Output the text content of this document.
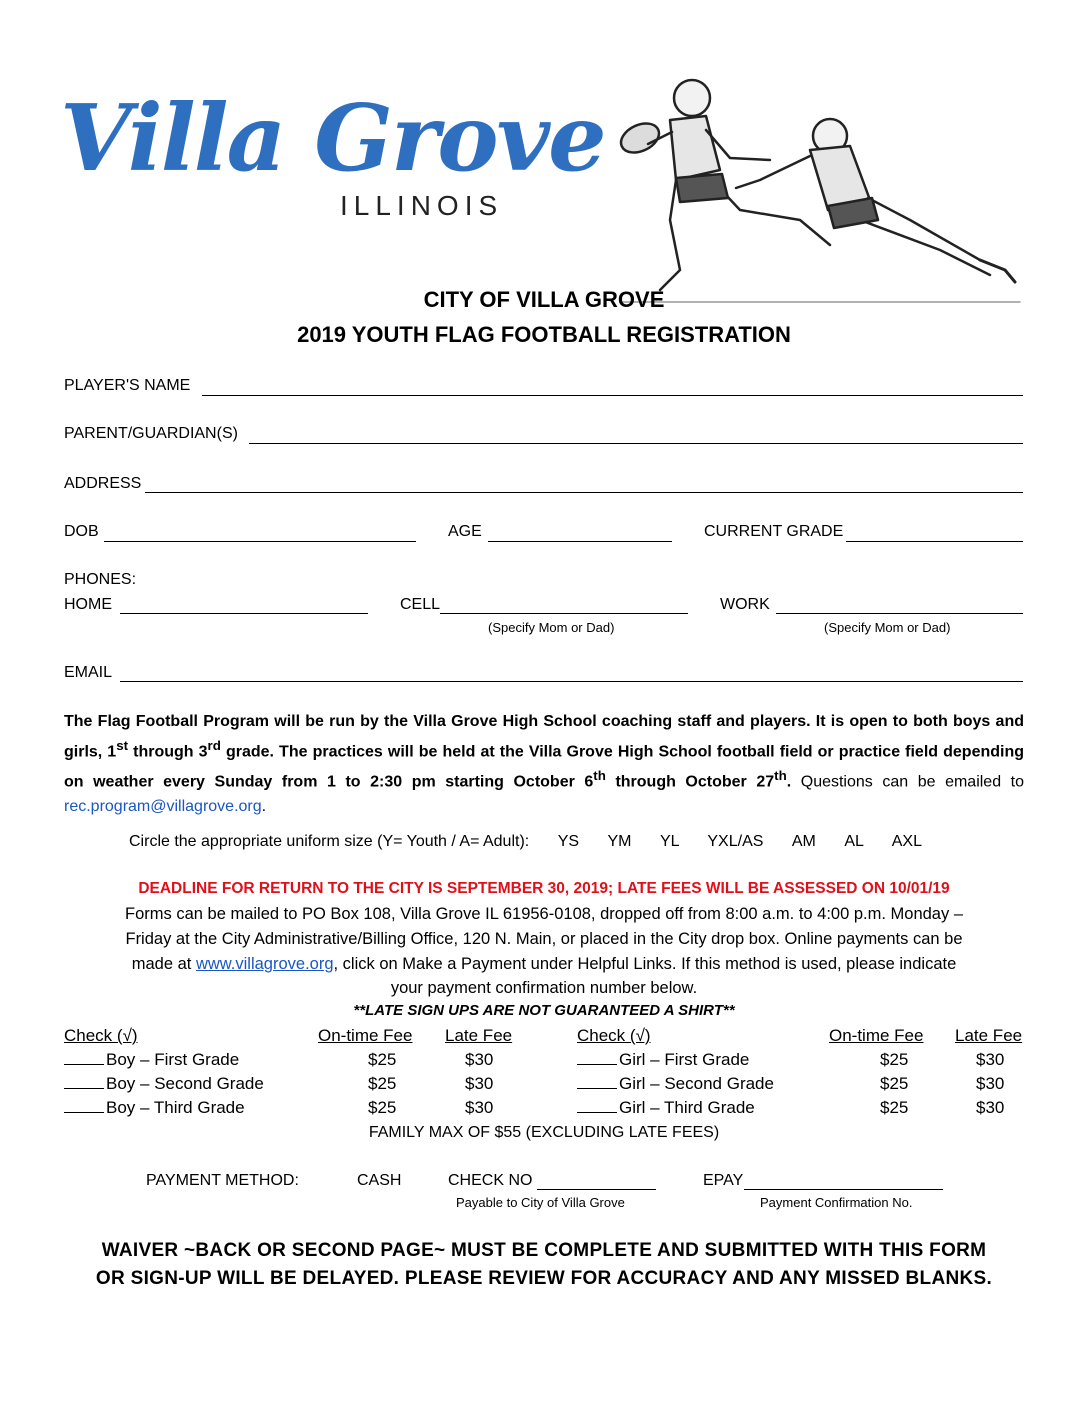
Villa Grove
ILLINOIS
CITY OF VILLA GROVE
2019 YOUTH FLAG FOOTBALL REGISTRATION
PLAYER'S NAME
PARENT/GUARDIAN(S)
ADDRESS
DOB	AGE	CURRENT GRADE
PHONES:
HOME	CELL	WORK
(Specify Mom or Dad)	(Specify Mom or Dad)
EMAIL
The Flag Football Program will be run by the Villa Grove High School coaching staff and players. It is open to both boys and girls, 1st through 3rd grade. The practices will be held at the Villa Grove High School football field or practice field depending on weather every Sunday from 1 to 2:30 pm starting October 6th through October 27th. Questions can be emailed to rec.program@villagrove.org.
Circle the appropriate uniform size (Y= Youth / A= Adult): YS YM YL YXL/AS AM AL AXL
DEADLINE FOR RETURN TO THE CITY IS SEPTEMBER 30, 2019; LATE FEES WILL BE ASSESSED ON 10/01/19
Forms can be mailed to PO Box 108, Villa Grove IL 61956-0108, dropped off from 8:00 a.m. to 4:00 p.m. Monday –
Friday at the City Administrative/Billing Office, 120 N. Main, or placed in the City drop box. Online payments can be
made at www.villagrove.org, click on Make a Payment under Helpful Links. If this method is used, please indicate
your payment confirmation number below.
**LATE SIGN UPS ARE NOT GUARANTEED A SHIRT**
Check (√)	On-time Fee Late Fee	Check (√)	On-time Fee Late Fee
Boy – First Grade	$25	$30
Boy – Second Grade	$25	$30
Boy – Third Grade	$25	$30
Girl – First Grade	$25	$30
Girl – Second Grade	$25	$30
Girl – Third Grade	$25	$30
FAMILY MAX OF $55 (EXCLUDING LATE FEES)
PAYMENT METHOD:	CASH	CHECK NO	EPAY
Payable to City of Villa Grove	Payment Confirmation No.
WAIVER ~BACK OR SECOND PAGE~ MUST BE COMPLETE AND SUBMITTED WITH THIS FORM
OR SIGN-UP WILL BE DELAYED. PLEASE REVIEW FOR ACCURACY AND ANY MISSED BLANKS.
